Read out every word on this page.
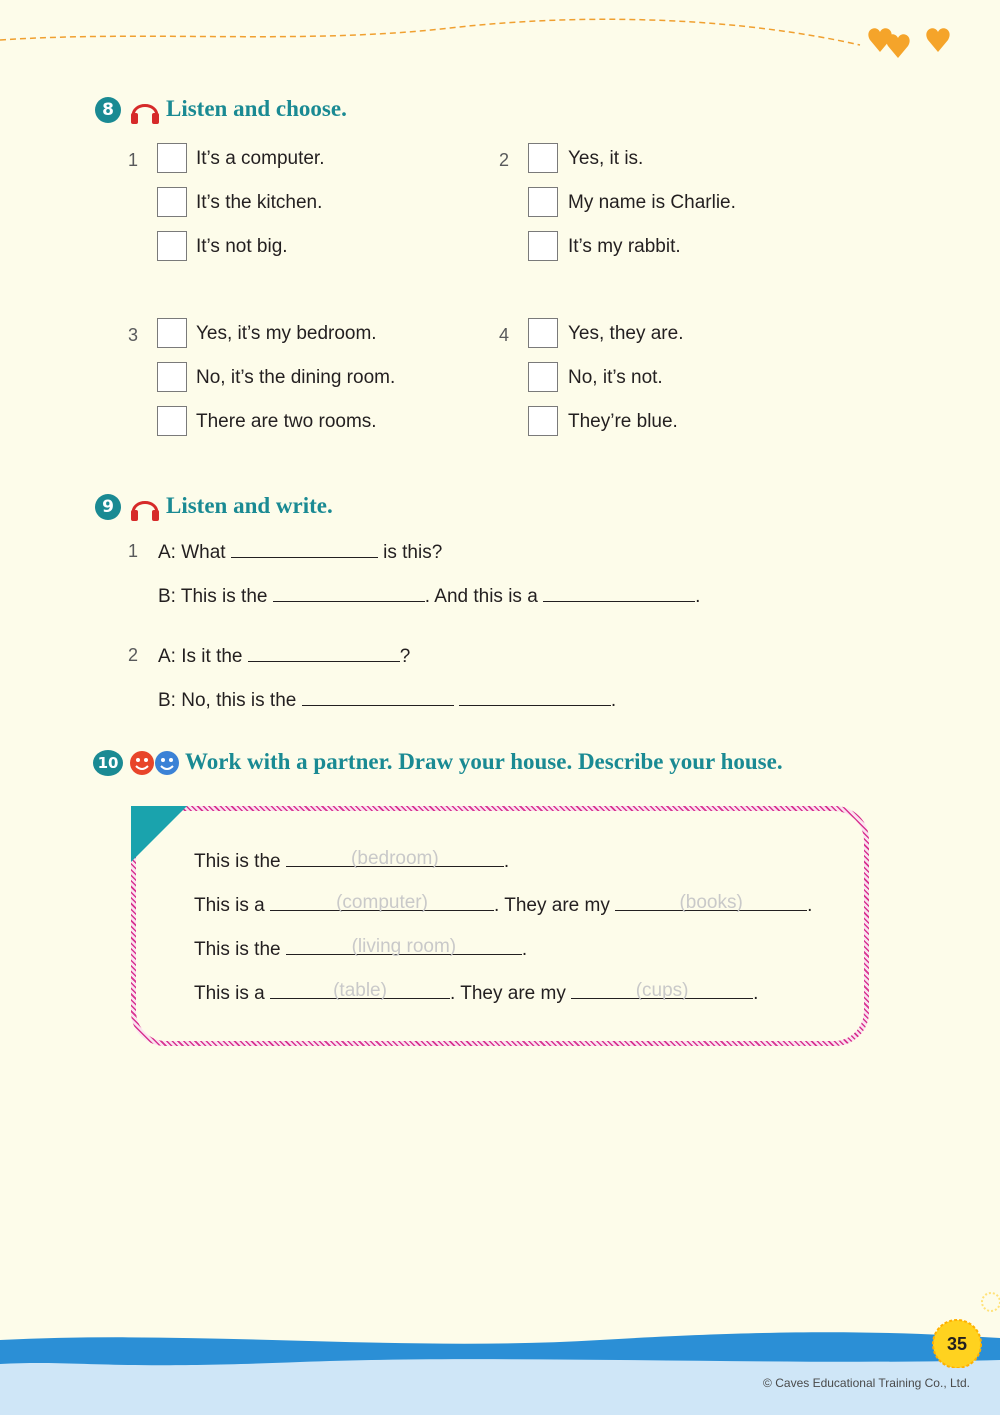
8	Listen and choose.
1	It’s a computer.
It’s the kitchen.
It’s not big.
2	Yes, it is.
My name is Charlie.
It’s my rabbit.
3	Yes, it’s my bedroom.
No, it’s the dining room.
There are two rooms.
4	Yes, they are.
No, it’s not.
They’re blue.
9	Listen and write.
1 A: What	is this?
B: This is the	. And this is a	.
2 A: Is it the	?
B: No, this is the	.
10	Work with a partner. Draw your house. Describe your house.
This is the	(bedroom)	.
This is a	(computer)	. They are my	(books)	.
This is the	(living room)	.
This is a	(table)	. They are my	(cups)	.
35
© Caves Educational Training Co., Ltd.
